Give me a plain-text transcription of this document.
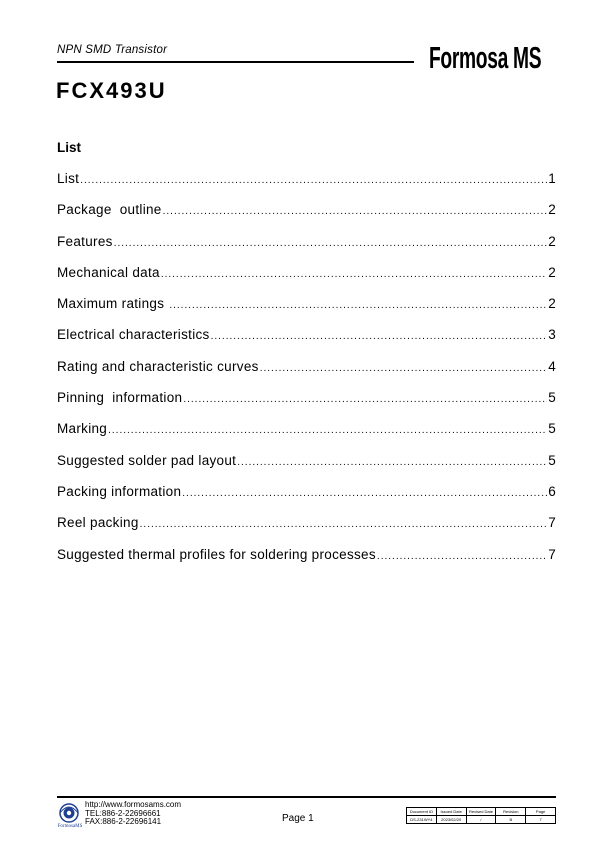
NPN SMD Transistor	Formosa MS
FCX493U
List
List .....	1
Package  outline .....	2
Features .....	2
Mechanical data .....	2
Maximum ratings .....	2
Electrical characteristics .....	3
Rating and characteristic curves .....	4
Pinning  information .....	5
Marking .....	5
Suggested solder pad layout .....	5
Packing information .....	6
Reel packing .....	7
Suggested thermal profiles for soldering processes .....	7
FormosaMS
http://www.formosams.com
TEL:886-2-22696661
FAX:886-2-22696141	Page 1
Document ID	Issued Date	Revised Date	Revision	Page
DS-231WY4	2023/02/20	/	B	7
